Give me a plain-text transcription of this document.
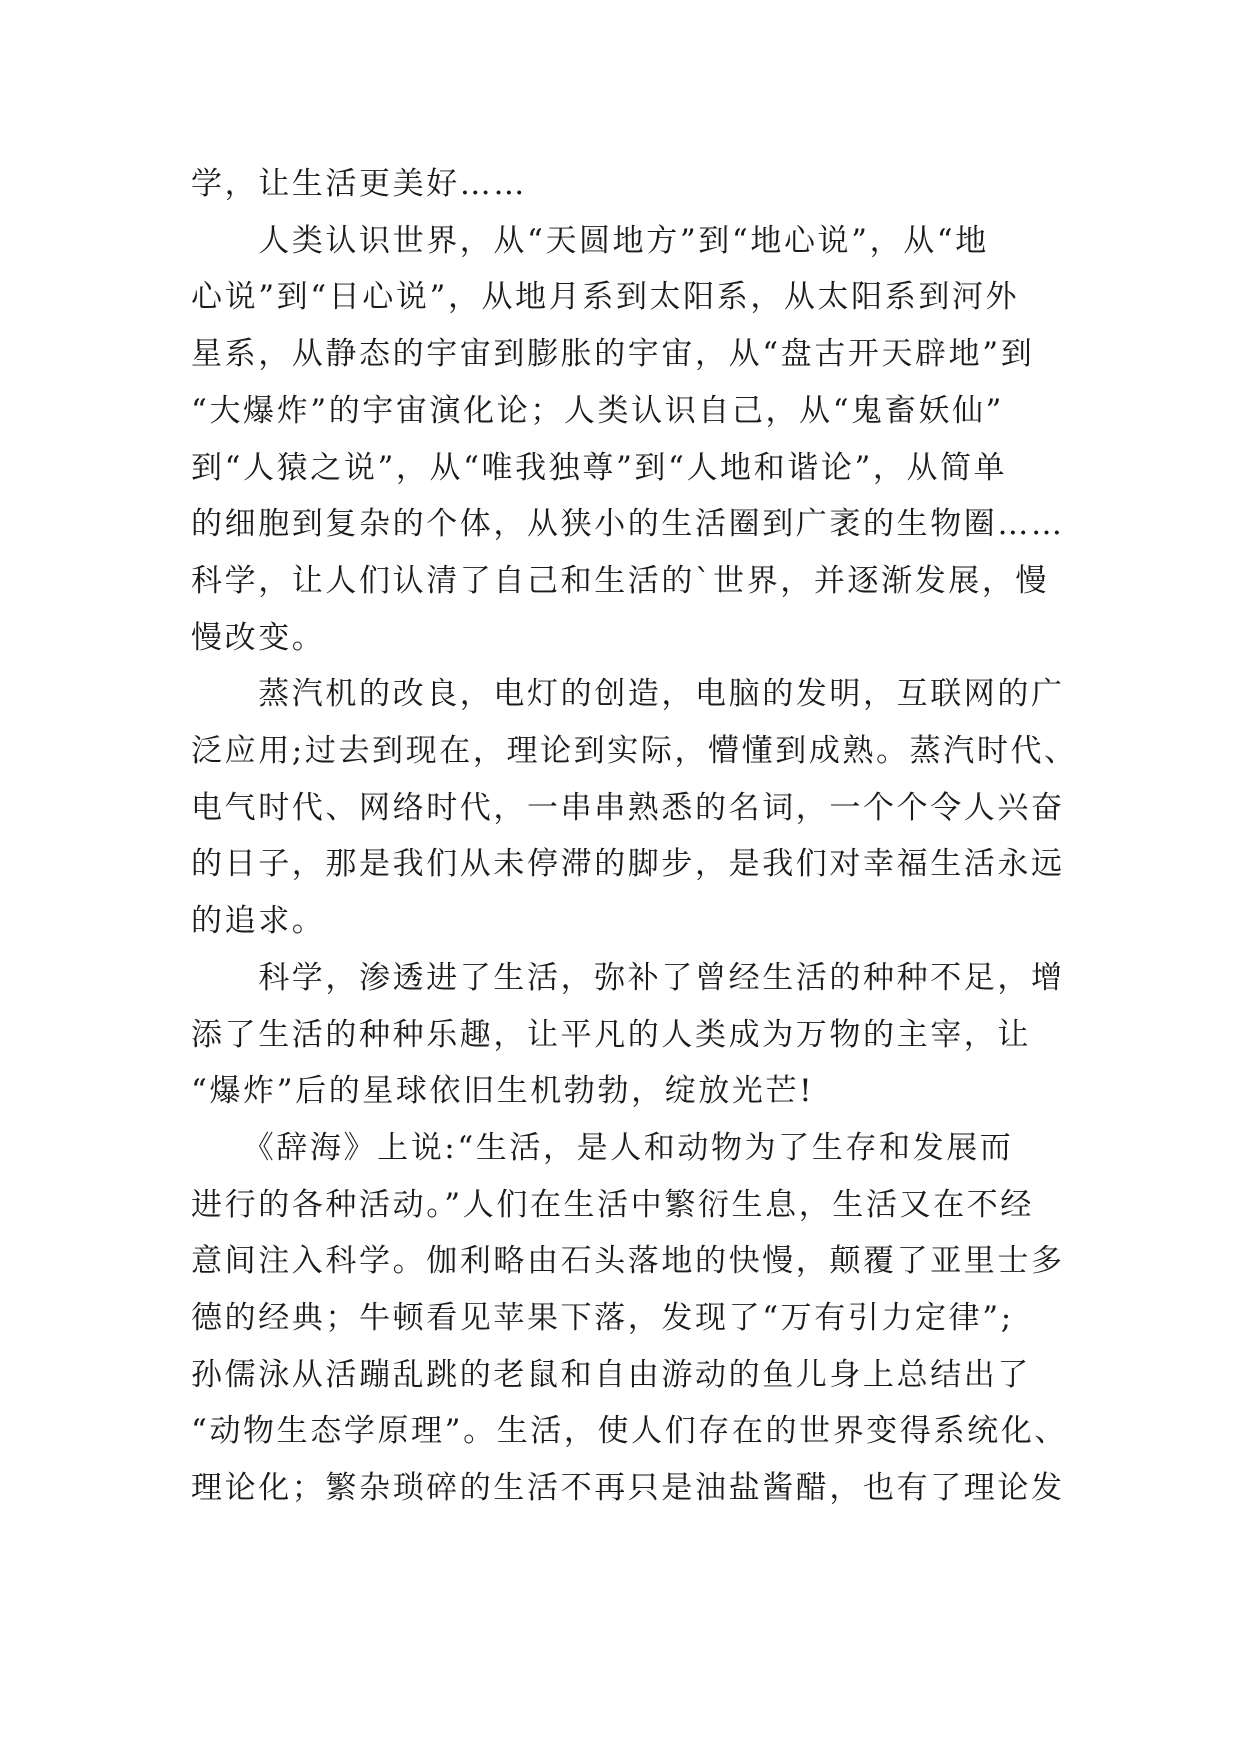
学，让生活更美好……
　　人类认识世界，从“天圆地方”到“地心说”，从“地
心说”到“日心说”，从地月系到太阳系，从太阳系到河外
星系，从静态的宇宙到膨胀的宇宙，从“盘古开天辟地”到
“大爆炸”的宇宙演化论；人类认识自己，从“鬼畜妖仙”
到“人猿之说”，从“唯我独尊”到“人地和谐论”，从简单
的细胞到复杂的个体，从狭小的生活圈到广袤的生物圈……
科学，让人们认清了自己和生活的`世界，并逐渐发展，慢
慢改变。
　　蒸汽机的改良，电灯的创造，电脑的发明，互联网的广
泛应用;过去到现在，理论到实际，懵懂到成熟。蒸汽时代、
电气时代、网络时代，一串串熟悉的名词，一个个令人兴奋
的日子，那是我们从未停滞的脚步，是我们对幸福生活永远
的追求。
　　科学，渗透进了生活，弥补了曾经生活的种种不足，增
添了生活的种种乐趣，让平凡的人类成为万物的主宰，让
“爆炸”后的星球依旧生机勃勃，绽放光芒!
　　《辞海》上说:“生活，是人和动物为了生存和发展而
进行的各种活动。”人们在生活中繁衍生息，生活又在不经
意间注入科学。伽利略由石头落地的快慢，颠覆了亚里士多
德的经典；牛顿看见苹果下落，发现了“万有引力定律”;
孙儒泳从活蹦乱跳的老鼠和自由游动的鱼儿身上总结出了
“动物生态学原理”。生活，使人们存在的世界变得系统化、
理论化；繁杂琐碎的生活不再只是油盐酱醋，也有了理论发
